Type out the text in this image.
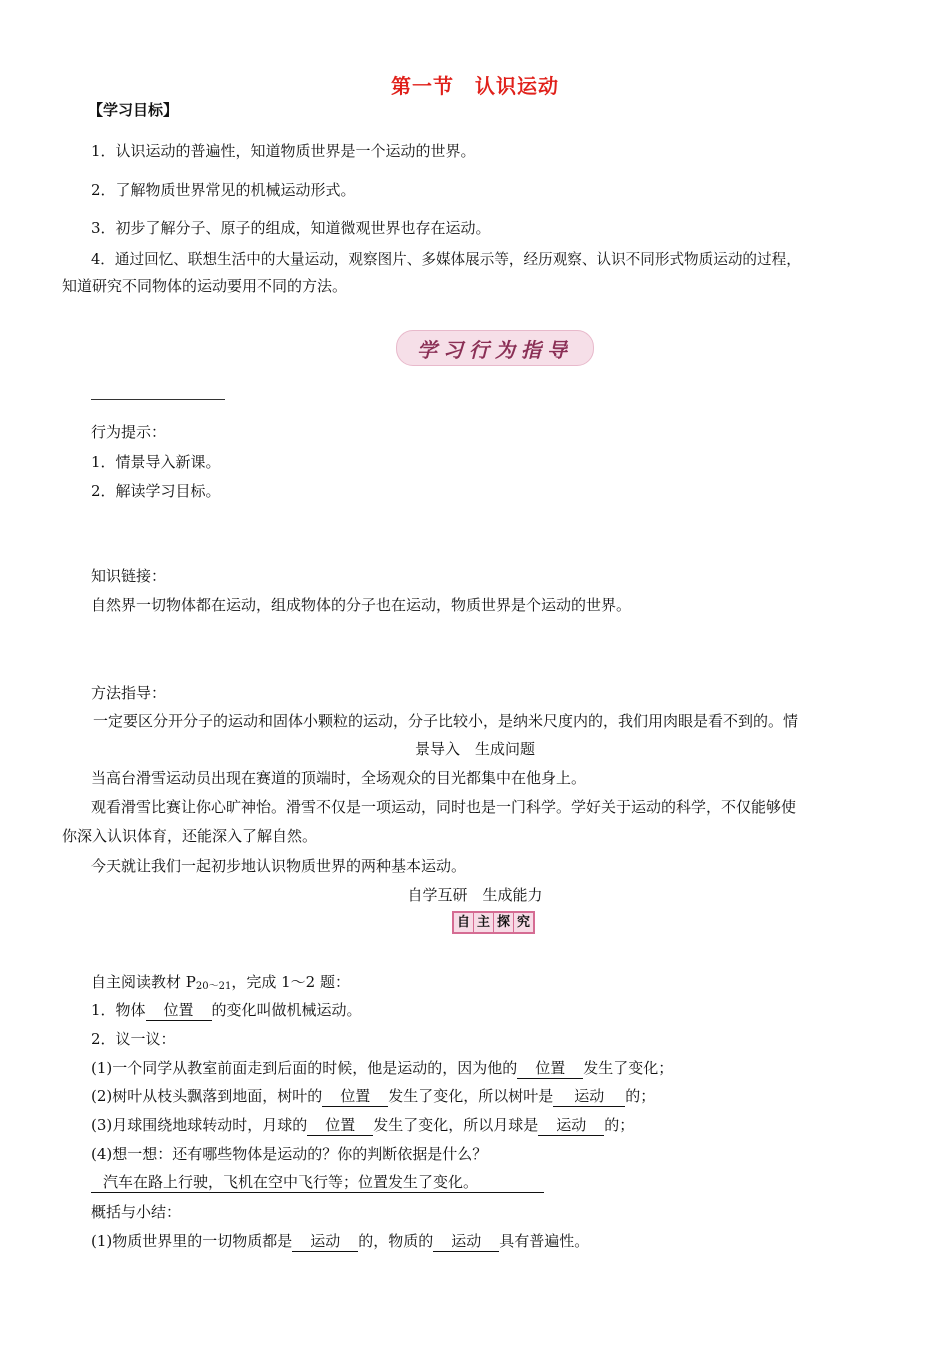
第一节　认识运动
【学习目标】
1．认识运动的普遍性，知道物质世界是一个运动的世界。
2．了解物质世界常见的机械运动形式。
3．初步了解分子、原子的组成，知道微观世界也存在运动。
4．通过回忆、联想生活中的大量运动，观察图片、多媒体展示等，经历观察、认识不同形式物质运动的过程，
知道研究不同物体的运动要用不同的方法。
学习行为指导
行为提示：
1．情景导入新课。
2．解读学习目标。
知识链接：
自然界一切物体都在运动，组成物体的分子也在运动，物质世界是个运动的世界。
方法指导：
一定要区分开分子的运动和固体小颗粒的运动，分子比较小，是纳米尺度内的，我们用肉眼是看不到的。情
景导入　生成问题
当高台滑雪运动员出现在赛道的顶端时，全场观众的目光都集中在他身上。
观看滑雪比赛让你心旷神怡。滑雪不仅是一项运动，同时也是一门科学。学好关于运动的科学，不仅能够使
你深入认识体育，还能深入了解自然。
今天就让我们一起初步地认识物质世界的两种基本运动。
自学互研　生成能力
自 主 探 究
自主阅读教材 $P_{20\sim 21}$，完成 1～2 题：
1．物体 位置 的变化叫做机械运动。
2．议一议：
(1)一个同学从教室前面走到后面的时候，他是运动的，因为他的 位置 发生了变化；
(2)树叶从枝头飘落到地面，树叶的 位置 发生了变化，所以树叶是 运动 的；
(3)月球围绕地球转动时，月球的 位置 发生了变化，所以月球是 运动 的；
(4)想一想：还有哪些物体是运动的？你的判断依据是什么？
汽车在路上行驶，飞机在空中飞行等；位置发生了变化。
概括与小结：
(1)物质世界里的一切物质都是 运动 的，物质的 运动 具有普遍性。
